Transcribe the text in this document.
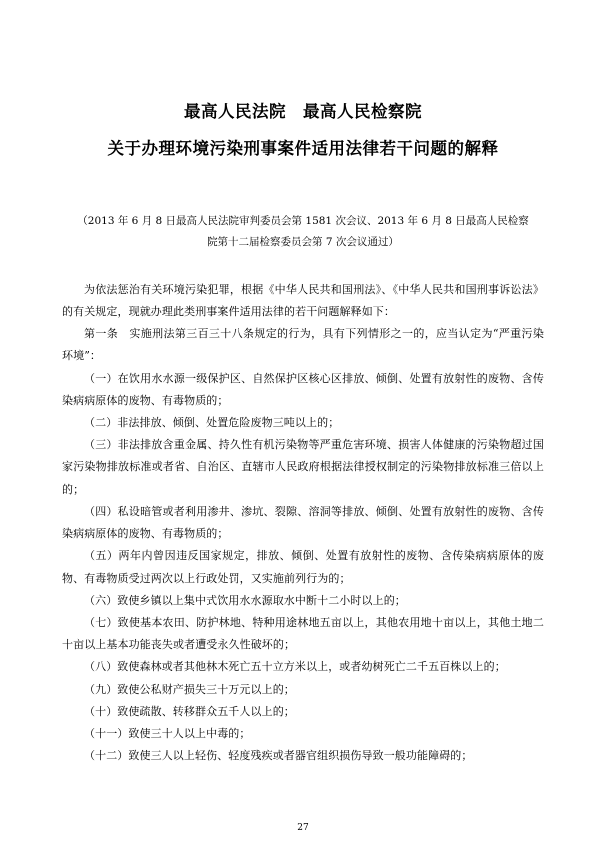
最高人民法院　最高人民检察院
关于办理环境污染刑事案件适用法律若干问题的解释
（2013 年 6 月 8 日最高人民法院审判委员会第 1581 次会议、2013 年 6 月 8 日最高人民检察
院第十二届检察委员会第 7 次会议通过）

为依法惩治有关环境污染犯罪，根据《中华人民共和国刑法》、《中华人民共和国刑事诉讼法》的有关规定，现就办理此类刑事案件适用法律的若干问题解释如下：

第一条　实施刑法第三百三十八条规定的行为，具有下列情形之一的，应当认定为“严重污染环境”：

（一）在饮用水水源一级保护区、自然保护区核心区排放、倾倒、处置有放射性的废物、含传染病病原体的废物、有毒物质的；

（二）非法排放、倾倒、处置危险废物三吨以上的；

（三）非法排放含重金属、持久性有机污染物等严重危害环境、损害人体健康的污染物超过国家污染物排放标准或者省、自治区、直辖市人民政府根据法律授权制定的污染物排放标准三倍以上的；

（四）私设暗管或者利用渗井、渗坑、裂隙、溶洞等排放、倾倒、处置有放射性的废物、含传染病病原体的废物、有毒物质的；

（五）两年内曾因违反国家规定，排放、倾倒、处置有放射性的废物、含传染病病原体的废物、有毒物质受过两次以上行政处罚，又实施前列行为的；

（六）致使乡镇以上集中式饮用水水源取水中断十二小时以上的；

（七）致使基本农田、防护林地、特种用途林地五亩以上，其他农用地十亩以上，其他土地二十亩以上基本功能丧失或者遭受永久性破坏的；

（八）致使森林或者其他林木死亡五十立方米以上，或者幼树死亡二千五百株以上的；

（九）致使公私财产损失三十万元以上的；

（十）致使疏散、转移群众五千人以上的；

（十一）致使三十人以上中毒的；

（十二）致使三人以上轻伤、轻度残疾或者器官组织损伤导致一般功能障碍的；

27
